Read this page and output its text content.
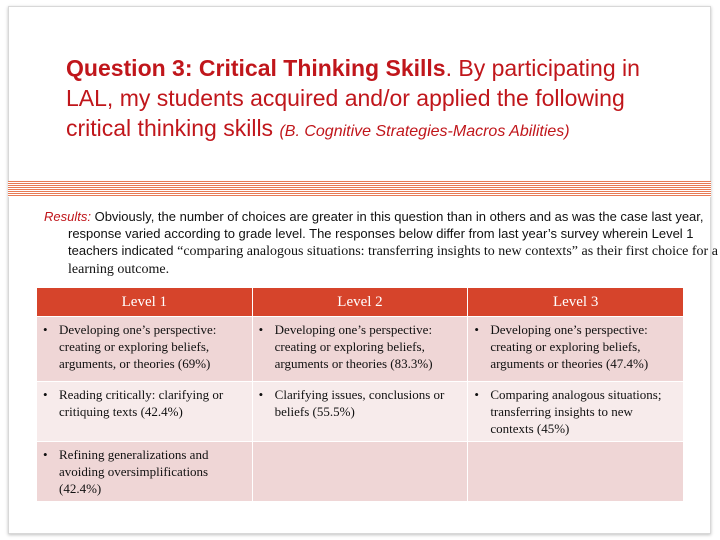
Question 3: Critical Thinking Skills. By participating in LAL, my students acquired and/or applied the following critical thinking skills (B. Cognitive Strategies-Macros Abilities)
Results: Obviously, the number of choices are greater in this question than in others and as was the case last year, response varied according to grade level. The responses below differ from last year’s survey wherein Level 1 teachers indicated “comparing analogous situations: transferring insights to new contexts” as their first choice for a learning outcome.
Level 1	Level 2	Level 3

• Developing one’s perspective: creating or exploring beliefs, arguments, or theories (69%)	• Developing one’s perspective: creating or exploring beliefs, arguments or theories (83.3%)	• Developing one’s perspective: creating or exploring beliefs, arguments or theories (47.4%)

• Reading critically: clarifying or critiquing texts (42.4%)	• Clarifying issues, conclusions or beliefs (55.5%)	• Comparing analogous situations; transferring insights to new contexts (45%)

• Refining generalizations and avoiding oversimplifications (42.4%)		
